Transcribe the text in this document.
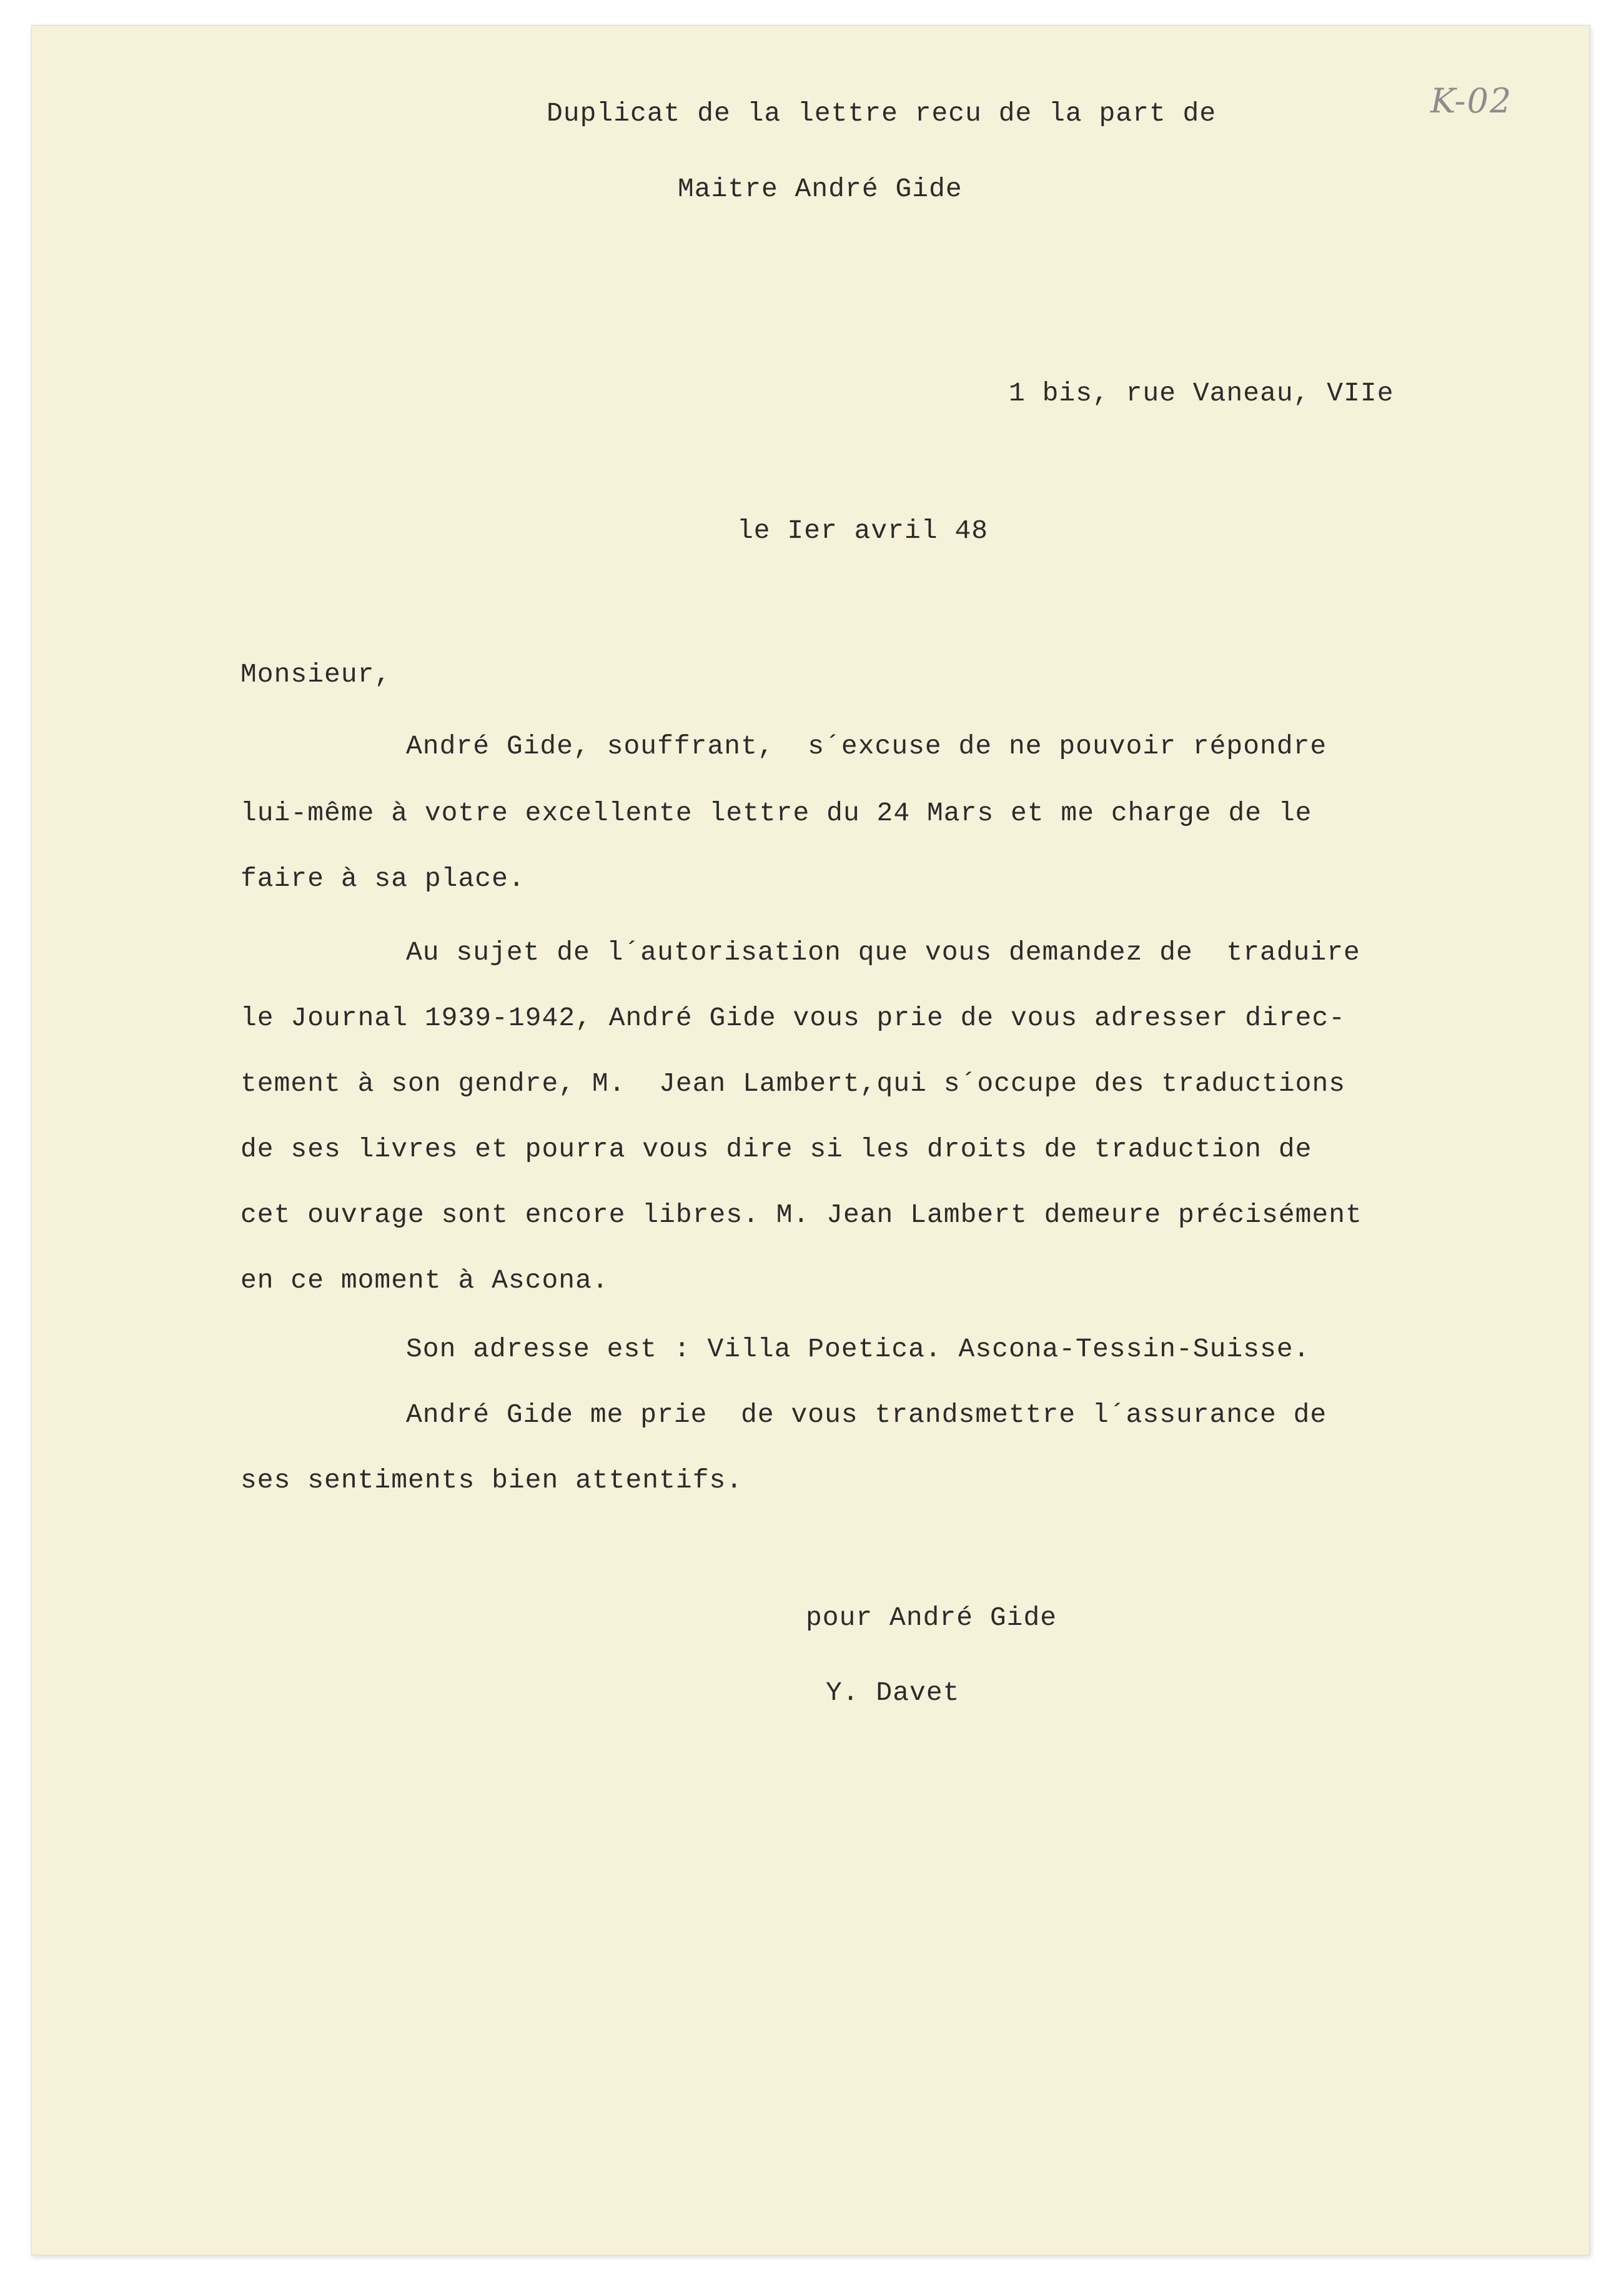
K-02
Duplicat de la lettre recu de la part de
Maitre André Gide
1 bis, rue Vaneau, VIIe
le Ier avril 48
Monsieur,
André Gide, souffrant,  s´excuse de ne pouvoir répondre
lui-même à votre excellente lettre du 24 Mars et me charge de le
faire à sa place.
Au sujet de l´autorisation que vous demandez de  traduire
le Journal 1939-1942, André Gide vous prie de vous adresser direc-
tement à son gendre, M.  Jean Lambert,qui s´occupe des traductions
de ses livres et pourra vous dire si les droits de traduction de
cet ouvrage sont encore libres. M. Jean Lambert demeure précisément
en ce moment à Ascona.
Son adresse est : Villa Poetica. Ascona-Tessin-Suisse.
André Gide me prie  de vous trandsmettre l´assurance de
ses sentiments bien attentifs.
pour André Gide
Y. Davet
